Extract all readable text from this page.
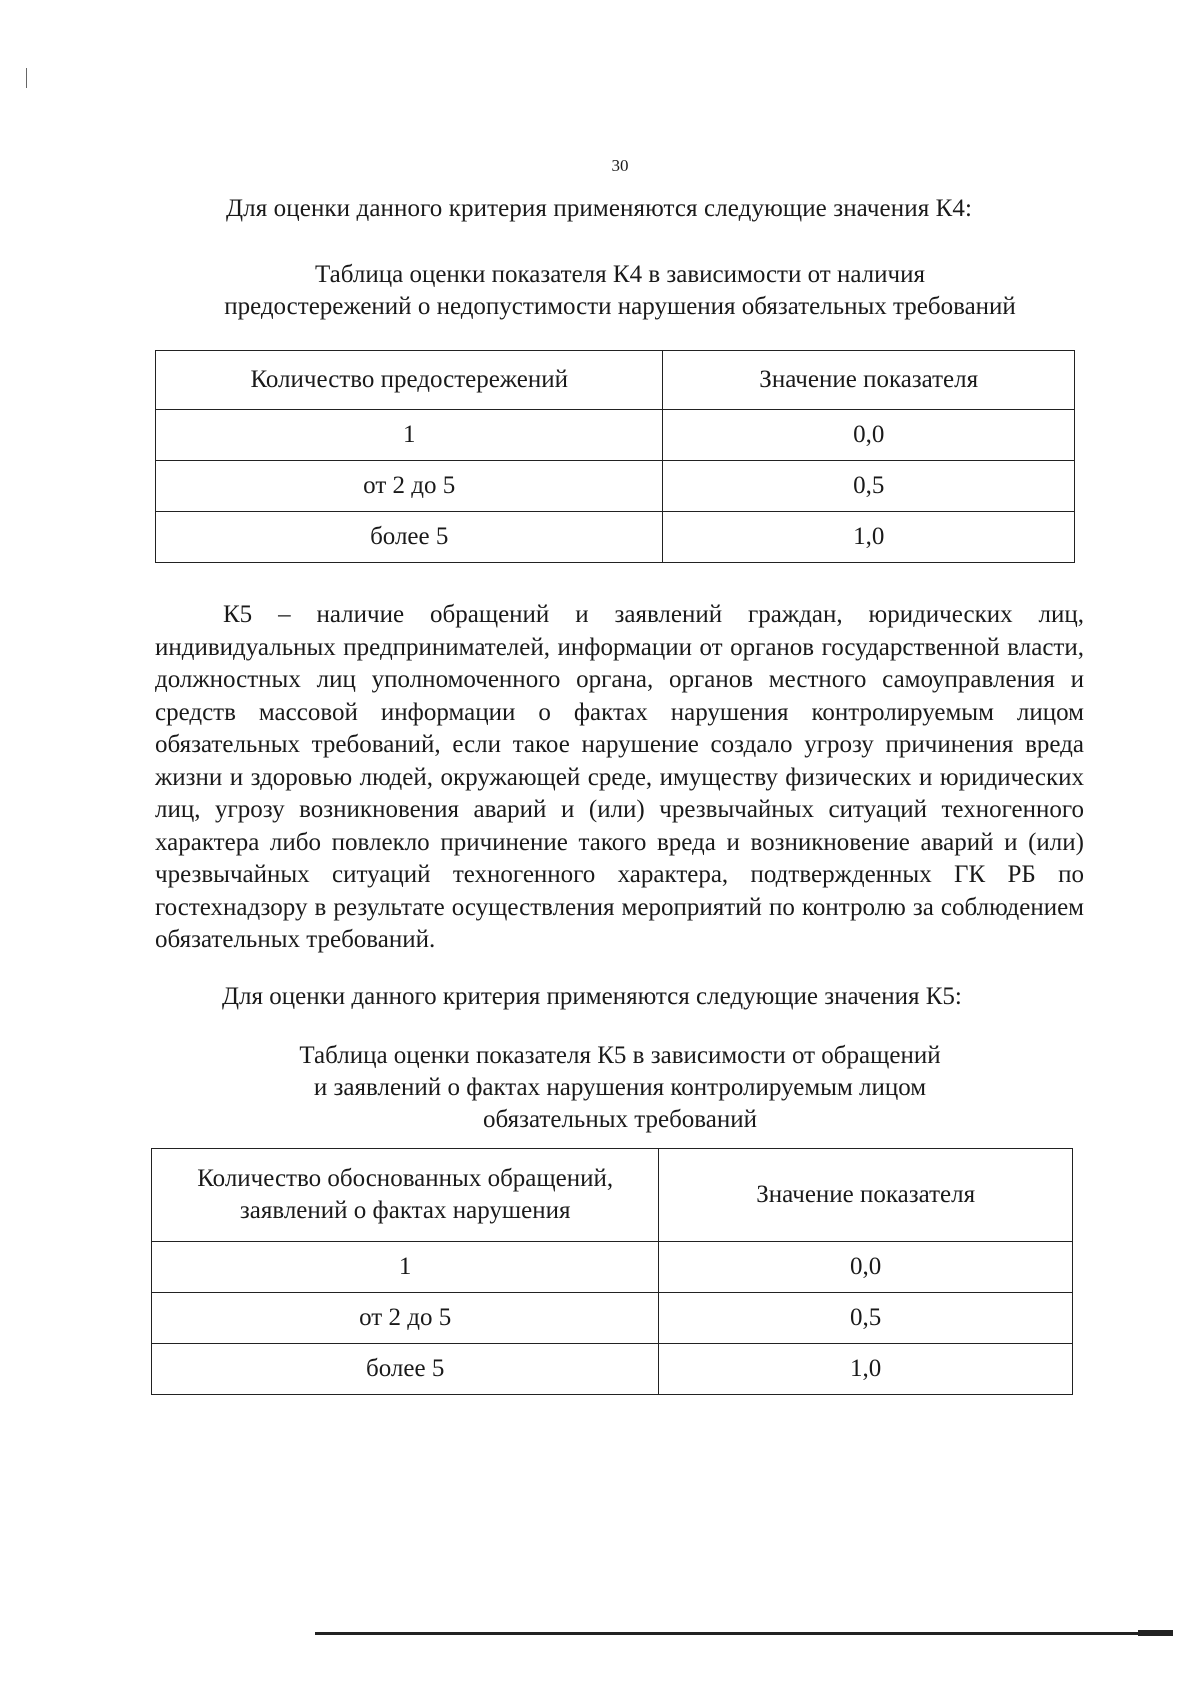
30
Для оценки данного критерия применяются следующие значения К4:
Таблица оценки показателя К4 в зависимости от наличия
предостережений о недопустимости нарушения обязательных требований
Количество предостережений	Значение показателя
1	0,0
от 2 до 5	0,5
более 5	1,0

К5 – наличие обращений и заявлений граждан, юридических лиц, индивидуальных предпринимателей, информации от органов государственной власти, должностных лиц уполномоченного органа, органов местного самоуправления и средств массовой информации о фактах нарушения контролируемым лицом обязательных требований, если такое нарушение создало угрозу причинения вреда жизни и здоровью людей, окружающей среде, имуществу физических и юридических лиц, угрозу возникновения аварий и (или) чрезвычайных ситуаций техногенного характера либо повлекло причинение такого вреда и возникновение аварий и (или) чрезвычайных ситуаций техногенного характера, подтвержденных ГК РБ по гостехнадзору в результате осуществления мероприятий по контролю за соблюдением обязательных требований.

Для оценки данного критерия применяются следующие значения К5:
Таблица оценки показателя К5 в зависимости от обращений
и заявлений о фактах нарушения контролируемым лицом
обязательных требований
Количество обоснованных обращений,
заявлений о фактах нарушения	Значение показателя
1	0,0
от 2 до 5	0,5
более 5	1,0
